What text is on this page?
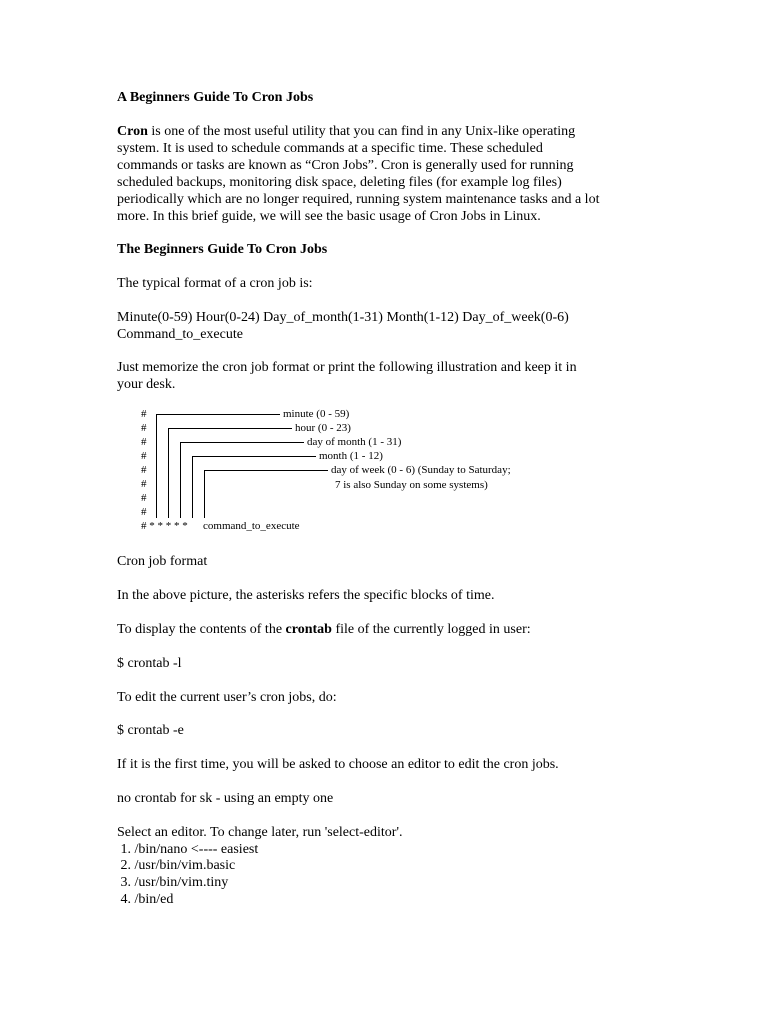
A Beginners Guide To Cron Jobs

Cron is one of the most useful utility that you can find in any Unix-like operating

system. It is used to schedule commands at a specific time. These scheduled

commands or tasks are known as “Cron Jobs”. Cron is generally used for running

scheduled backups, monitoring disk space, deleting files (for example log files)

periodically which are no longer required, running system maintenance tasks and a lot

more. In this brief guide, we will see the basic usage of Cron Jobs in Linux.

The Beginners Guide To Cron Jobs

The typical format of a cron job is:

Minute(0-59) Hour(0-24) Day_of_month(1-31) Month(1-12) Day_of_week(0-6)

Command_to_execute

Just memorize the cron job format or print the following illustration and keep it in

your desk.

#
#
#
#
#
#
#
#
minute (0 - 59)
hour (0 - 23)
day of month (1 - 31)
month (1 - 12)
day of week (0 - 6) (Sunday to Saturday;
7 is also Sunday on some systems)
# * * * * * command_to_execute

Cron job format

In the above picture, the asterisks refers the specific blocks of time.

To display the contents of the crontab file of the currently logged in user:

$ crontab -l

To edit the current user’s cron jobs, do:

$ crontab -e

If it is the first time, you will be asked to choose an editor to edit the cron jobs.

no crontab for sk - using an empty one

Select an editor. To change later, run 'select-editor'.

1. /bin/nano <---- easiest

2. /usr/bin/vim.basic

3. /usr/bin/vim.tiny

4. /bin/ed
